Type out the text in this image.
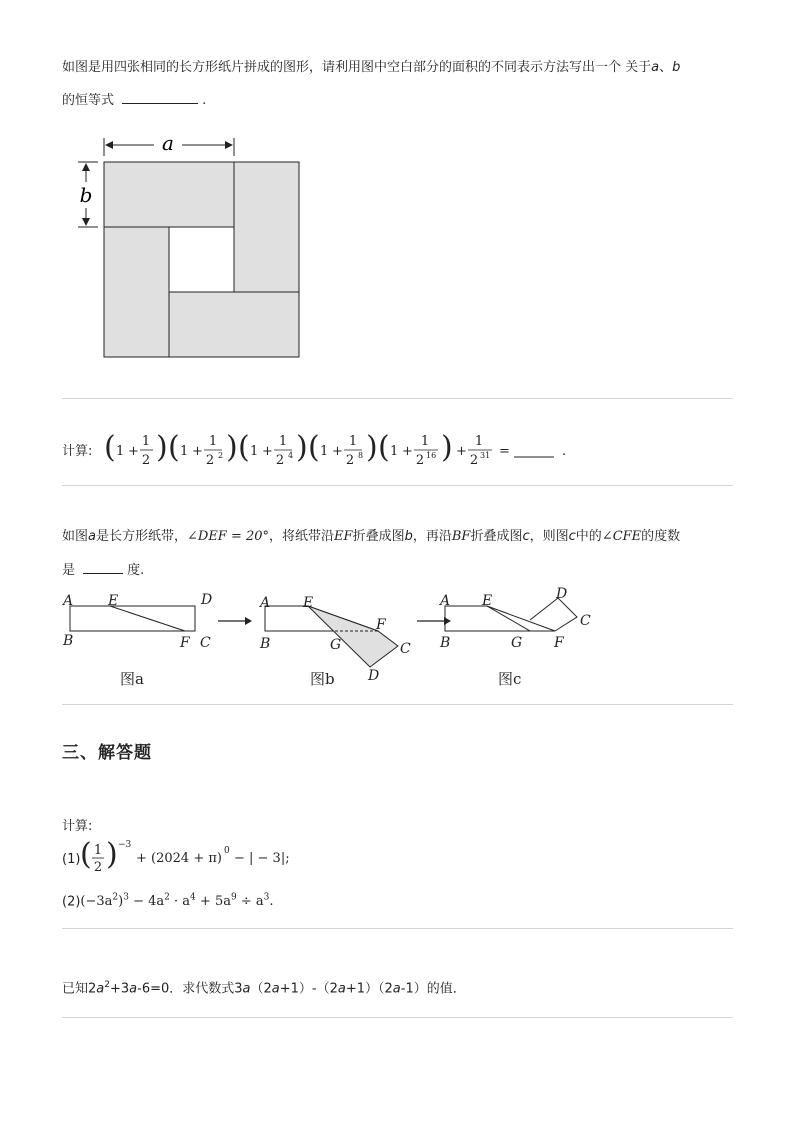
如图是用四张相同的长方形纸片拼成的图形，请利用图中空白部分的面积的不同表示方法写出一个 关于a、b
的恒等式	.
a
b
计算: ( 1 +
1
2 ) ( 1 +
1
2 2 ) ( 1 +
1
2 4 ) ( 1 +
1
2 8 ) ( 1 +
1
2 16 ) +
1
2 31 =	.
如图a是长方形纸带，∠DEF = 20°，将纸带沿EF折叠成图b，再沿BF折叠成图c，则图c中的∠CFE的度数
是	度.
A E	D
B	F C
图a
A E
F
B	G	C
D
图b
A E	D
C
B	G F
图c
三、解答题
计算:
(1) ( 1
2 ) −3
+ (2024 + π) 0 − | − 3|;
$(2)(-3a^2)^3 - 4a^2 \cdot a^4 + 5a^9 \div a^3$.
已知$2a^2+3a-6=0$．求代数式3a（2a+1）-（2a+1）（2a-1）的值．
